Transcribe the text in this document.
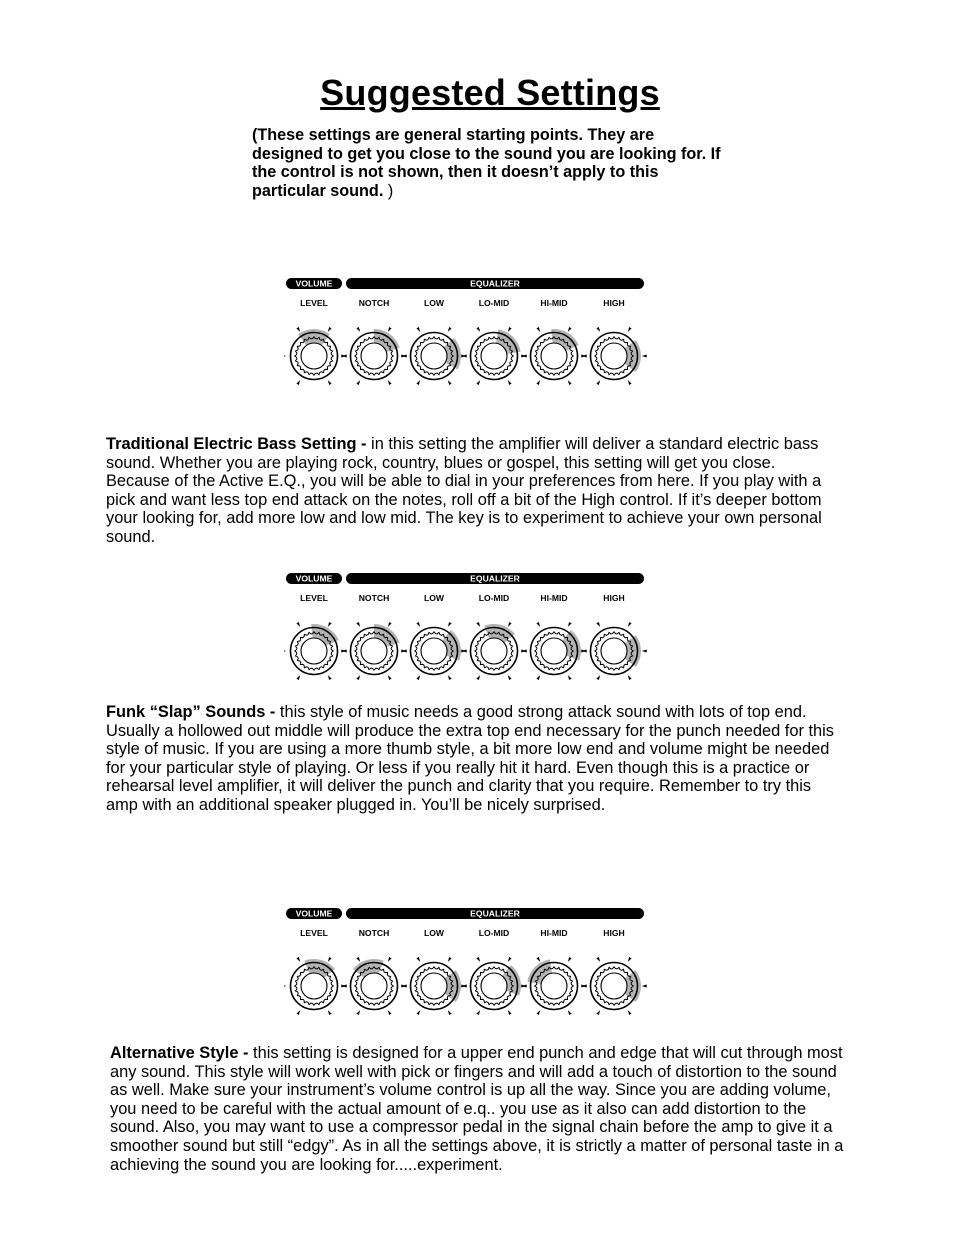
Suggested Settings
(These settings are general starting points. They are designed to get you close to the sound you are looking for. If the control is not shown, then it doesn’t apply to this particular sound. )
VOLUME	EQUALIZER
LEVEL	NOTCH	LOW	LO-MID	HI-MID	HIGH
Traditional Electric Bass Setting - in this setting the amplifier will deliver a standard electric bass sound. Whether you are playing rock, country, blues or gospel, this setting will get you close. Because of the Active E.Q., you will be able to dial in your preferences from here. If you play with a pick and want less top end attack on the notes, roll off a bit of the High control. If it’s deeper bottom your looking for, add more low and low mid. The key is to experiment to achieve your own personal sound.
VOLUME	EQUALIZER
LEVEL	NOTCH	LOW	LO-MID	HI-MID	HIGH
Funk “Slap” Sounds - this style of music needs a good strong attack sound with lots of top end. Usually a hollowed out middle will produce the extra top end necessary for the punch needed for this style of music. If you are using a more thumb style, a bit more low end and volume might be needed for your particular style of playing. Or less if you really hit it hard. Even though this is a practice or rehearsal level amplifier, it will deliver the punch and clarity that you require. Remember to try this amp with an additional speaker plugged in. You’ll be nicely surprised.
VOLUME	EQUALIZER
LEVEL	NOTCH	LOW	LO-MID	HI-MID	HIGH
Alternative Style - this setting is designed for a upper end punch and edge that will cut through most any sound. This style will work well with pick or fingers and will add a touch of distortion to the sound as well. Make sure your instrument’s volume control is up all the way. Since you are adding volume, you need to be careful with the actual amount of e.q.. you use as it also can add distortion to the sound. Also, you may want to use a compressor pedal in the signal chain before the amp to give it a smoother sound but still “edgy”. As in all the settings above, it is strictly a matter of personal taste in a achieving the sound you are looking for.....experiment.
